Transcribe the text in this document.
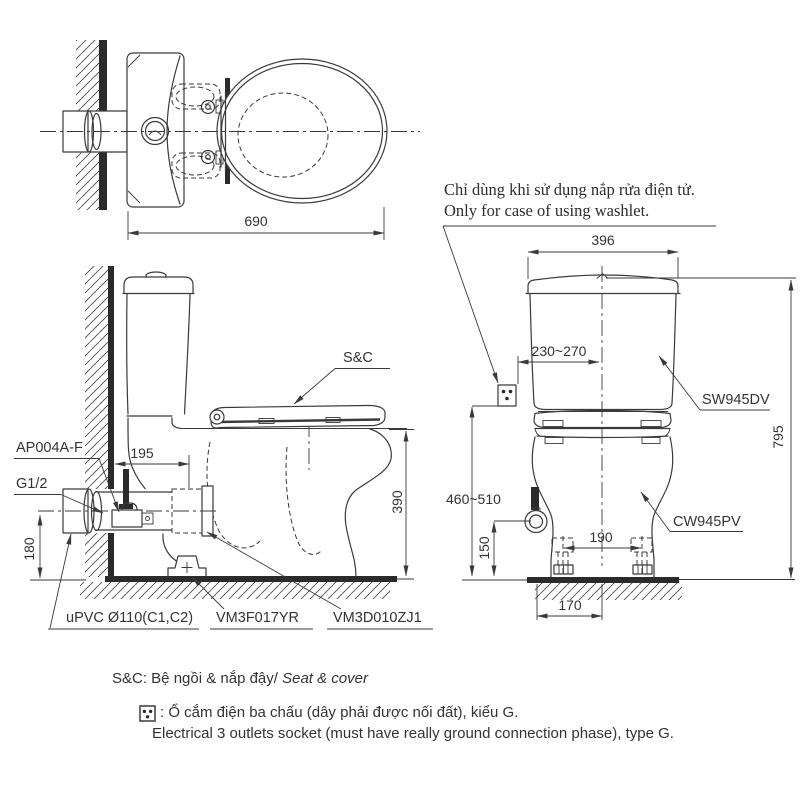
Chỉ dùng khi sử dụng nắp rửa điện tử.
Only for case of using washlet.
690
396
230~270
795
460~510
150	190
170
195
180
390
S&C
SW945DV
CW945PV
AP004A-F
G1/2
uPVC Ø110(C1,C2) VM3F017YR VM3D010ZJ1
S&C: Bệ ngồi & nắp đậy/ Seat & cover
: Ổ cắm điện ba chấu (dây phải được nối đất), kiểu G.
Electrical 3 outlets socket (must have really ground connection phase), type G.
